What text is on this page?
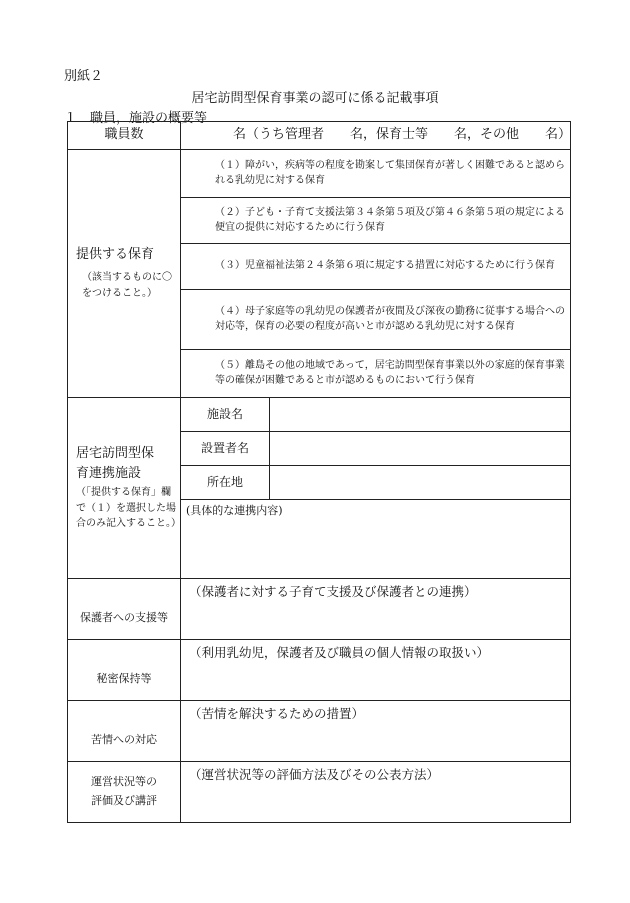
別紙２
居宅訪問型保育事業の認可に係る記載事項
１　職員，施設の概要等
職員数	名（うち管理者　　名，保育士等　　名，その他　　名）	

提供する保育
（該当するものに〇をつけること。）	（１）障がい，疾病等の程度を勘案して集団保育が著しく困難であると認められる乳幼児に対する保育	
	（２）子ども・子育て支援法第３４条第５項及び第４６条第５項の規定による便宜の提供に対応するために行う保育	
	（３）児童福祉法第２４条第６項に規定する措置に対応するために行う保育	
	（４）母子家庭等の乳幼児の保護者が夜間及び深夜の勤務に従事する場合への対応等，保育の必要の程度が高いと市が認める乳幼児に対する保育	
	（５）離島その他の地域であって，居宅訪問型保育事業以外の家庭的保育事業等の確保が困難であると市が認めるものにおいて行う保育	

居宅訪問型保育連携施設
（「提供する保育」欄で（１）を選択した場合のみ記入すること。）	施設名	
	設置者名	
	所在地	
	(具体的な連携内容)	
保護者への支援等	（保護者に対する子育て支援及び保護者との連携）	
秘密保持等	（利用乳幼児，保護者及び職員の個人情報の取扱い）	
苦情への対応	（苦情を解決するための措置）	

運営状況等の
評価及び講評	（運営状況等の評価方法及びその公表方法）	
